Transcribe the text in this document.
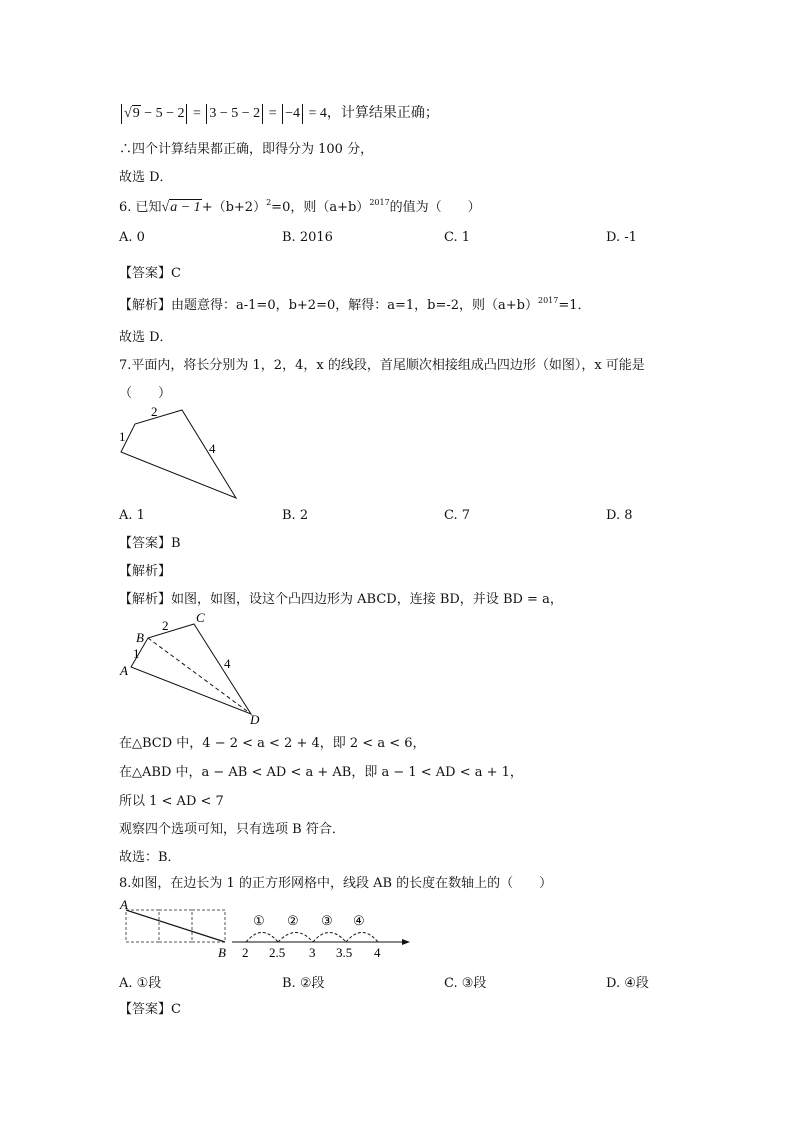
√9 − 5 − 2 = 3 − 5 − 2 = −4 = 4，计算结果正确；
∴四个计算结果都正确，即得分为 100 分，
故选 D．
6. 已知$√a - 1+(b+2)^2=0$，则$(a+b)^{2017}$的值为（　　）
A. 0	B. 2016	C. 1	D. -1
【答案】C
【解析】由题意得：a-1=0，b+2=0，解得：a=1，b=-2，则$(a+b)^{2017}=1$．
故选 D．
7.平面内，将长分别为 1，2，4，x 的线段，首尾顺次相接组成凸四边形（如图），x 可能是
（　　）
1
2
4
A. 1	B. 2	C. 7	D. 8
【答案】B
【解析】
【解析】如图，如图，设这个凸四边形为 ABCD，连接 BD，并设 BD = a，
A
B
C
D
1
2
4
在△BCD 中，4 − 2 < a < 2 + 4，即 2 < a < 6，
在△ABD 中，a − AB < AD < a + AB，即 a − 1 < AD < a + 1，
所以 1 < AD < 7
观察四个选项可知，只有选项 B 符合．
故选：B．
8.如图，在边长为 1 的正方形网格中，线段 AB 的长度在数轴上的（　　）
A
B
① ② ③ ④
2 2.5 3 3.5 4
A. ①段	B. ②段	C. ③段	D. ④段
【答案】C
